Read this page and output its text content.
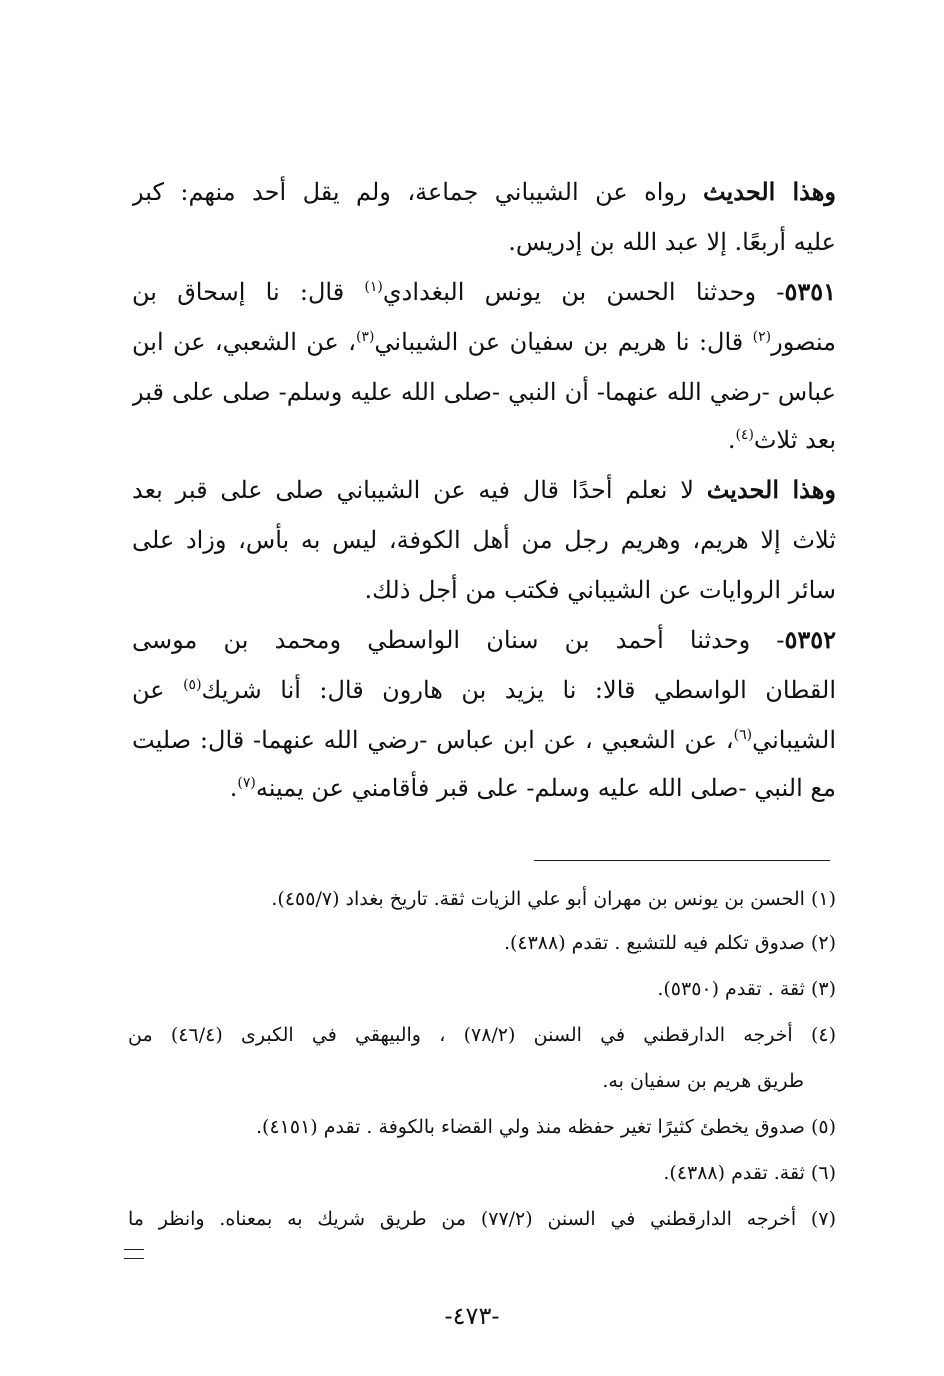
وهذا الحديث رواه عن الشيباني جماعة، ولم يقل أحد منهم: كبر
عليه أربعًا. إلا عبد الله بن إدريس.
٥٣٥١- وحدثنا الحسن بن يونس البغدادي$^{(١)}$ قال: نا إسحاق بن
منصور$^{(٢)}$ قال: نا هريم بن سفيان عن الشيباني$^{(٣)}$، عن الشعبي، عن ابن
عباس -رضي الله عنهما- أن النبي -صلى الله عليه وسلم- صلى على قبر
بعد ثلاث$^{(٤)}$.
وهذا الحديث لا نعلم أحدًا قال فيه عن الشيباني صلى على قبر بعد
ثلاث إلا هريم، وهريم رجل من أهل الكوفة، ليس به بأس، وزاد على
سائر الروايات عن الشيباني فكتب من أجل ذلك.
٥٣٥٢- وحدثنا أحمد بن سنان الواسطي ومحمد بن موسى
القطان الواسطي قالا: نا يزيد بن هارون قال: أنا شريك$^{(٥)}$ عن
الشيباني$^{(٦)}$، عن الشعبي ، عن ابن عباس -رضي الله عنهما- قال: صليت
مع النبي -صلى الله عليه وسلم- على قبر فأقامني عن يمينه$^{(٧)}$.
(١) الحسن بن يونس بن مهران أبو علي الزيات ثقة. تاريخ بغداد (٤٥٥/٧).
(٢) صدوق تكلم فيه للتشيع . تقدم (٤٣٨٨).
(٣) ثقة . تقدم (٥٣٥٠).
(٤) أخرجه الدارقطني في السنن (٧٨/٢) ، والبيهقي في الكبرى (٤٦/٤) من
طريق هريم بن سفيان به.
(٥) صدوق يخطئ كثيرًا تغير حفظه منذ ولي القضاء بالكوفة . تقدم (٤١٥١).
(٦) ثقة. تقدم (٤٣٨٨).
(٧) أخرجه الدارقطني في السنن (٧٧/٢) من طريق شريك به بمعناه. وانظر ما
-٤٧٣-
